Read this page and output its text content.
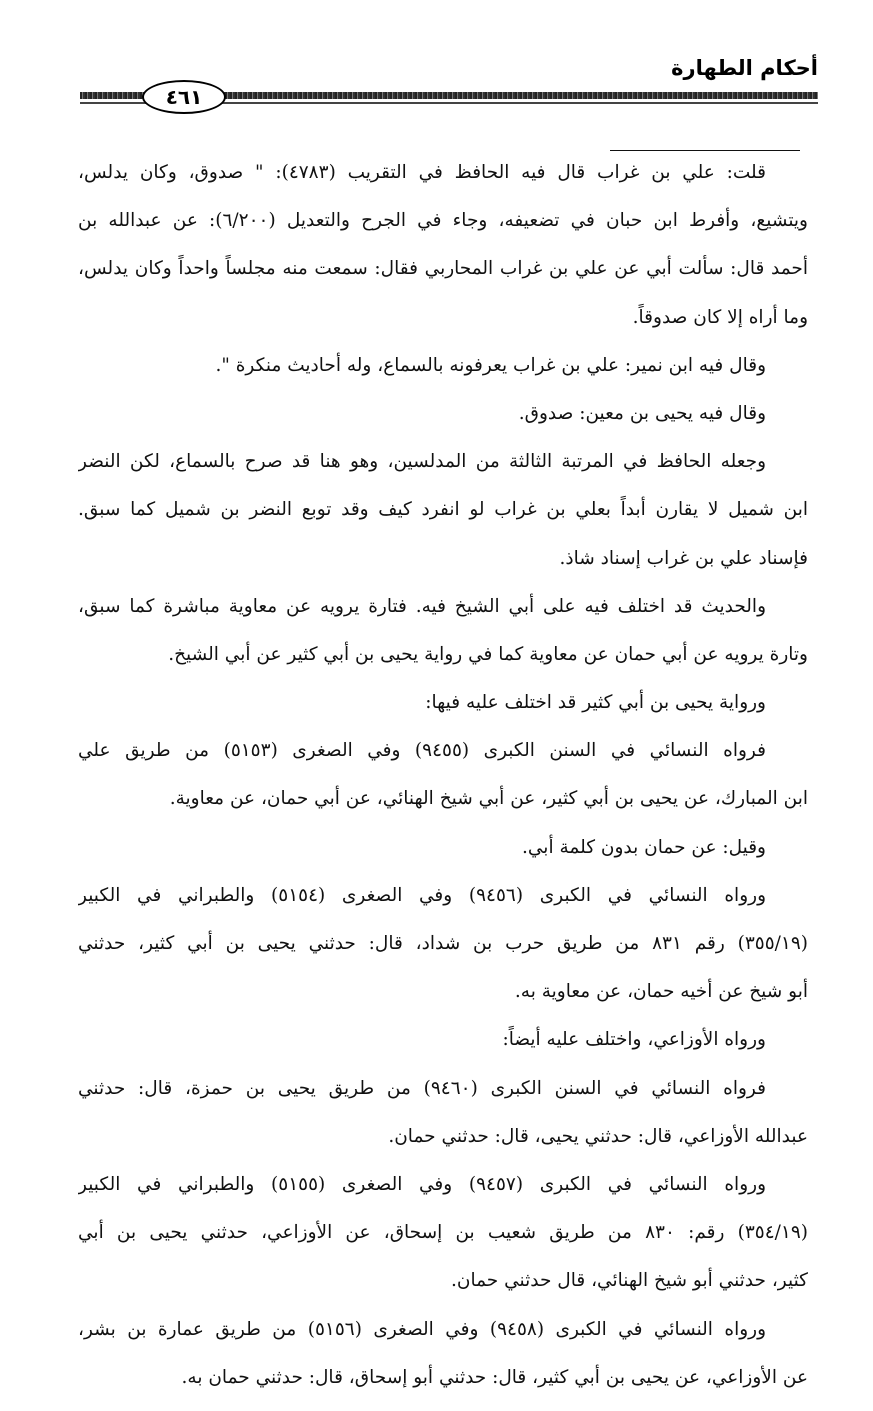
أحكام الطهارة
٤٦١
قلت: علي بن غراب قال فيه الحافظ في التقريب (٤٧٨٣): " صدوق، وكان يدلس،
ويتشيع، وأفرط ابن حبان في تضعيفه، وجاء في الجرح والتعديل (٦/٢٠٠): عن عبدالله بن
أحمد قال: سألت أبي عن علي بن غراب المحاربي فقال: سمعت منه مجلساً واحداً وكان يدلس،
وما أراه إلا كان صدوقاً.
وقال فيه ابن نمير: علي بن غراب يعرفونه بالسماع، وله أحاديث منكرة ".
وقال فيه يحيى بن معين: صدوق.
وجعله الحافظ في المرتبة الثالثة من المدلسين، وهو هنا قد صرح بالسماع، لكن النضر
ابن شميل لا يقارن أبداً بعلي بن غراب لو انفرد كيف وقد توبع النضر بن شميل كما سبق.
فإسناد علي بن غراب إسناد شاذ.
والحديث قد اختلف فيه على أبي الشيخ فيه. فتارة يرويه عن معاوية مباشرة كما سبق،
وتارة يرويه عن أبي حمان عن معاوية كما في رواية يحيى بن أبي كثير عن أبي الشيخ.
ورواية يحيى بن أبي كثير قد اختلف عليه فيها:
فرواه النسائي في السنن الكبرى (٩٤٥٥) وفي الصغرى (٥١٥٣) من طريق علي
ابن المبارك، عن يحيى بن أبي كثير، عن أبي شيخ الهنائي، عن أبي حمان، عن معاوية.
وقيل: عن حمان بدون كلمة أبي.
ورواه النسائي في الكبرى (٩٤٥٦) وفي الصغرى (٥١٥٤) والطبراني في الكبير
(٣٥٥/١٩) رقم ٨٣١ من طريق حرب بن شداد، قال: حدثني يحيى بن أبي كثير، حدثني
أبو شيخ عن أخيه حمان، عن معاوية به.
ورواه الأوزاعي، واختلف عليه أيضاً:
فرواه النسائي في السنن الكبرى (٩٤٦٠) من طريق يحيى بن حمزة، قال: حدثني
عبدالله الأوزاعي، قال: حدثني يحيى، قال: حدثني حمان.
ورواه النسائي في الكبرى (٩٤٥٧) وفي الصغرى (٥١٥٥) والطبراني في الكبير
(٣٥٤/١٩) رقم: ٨٣٠ من طريق شعيب بن إسحاق، عن الأوزاعي، حدثني يحيى بن أبي
كثير، حدثني أبو شيخ الهنائي، قال حدثني حمان.
ورواه النسائي في الكبرى (٩٤٥٨) وفي الصغرى (٥١٥٦) من طريق عمارة بن بشر،
عن الأوزاعي، عن يحيى بن أبي كثير، قال: حدثني أبو إسحاق، قال: حدثني حمان به.
